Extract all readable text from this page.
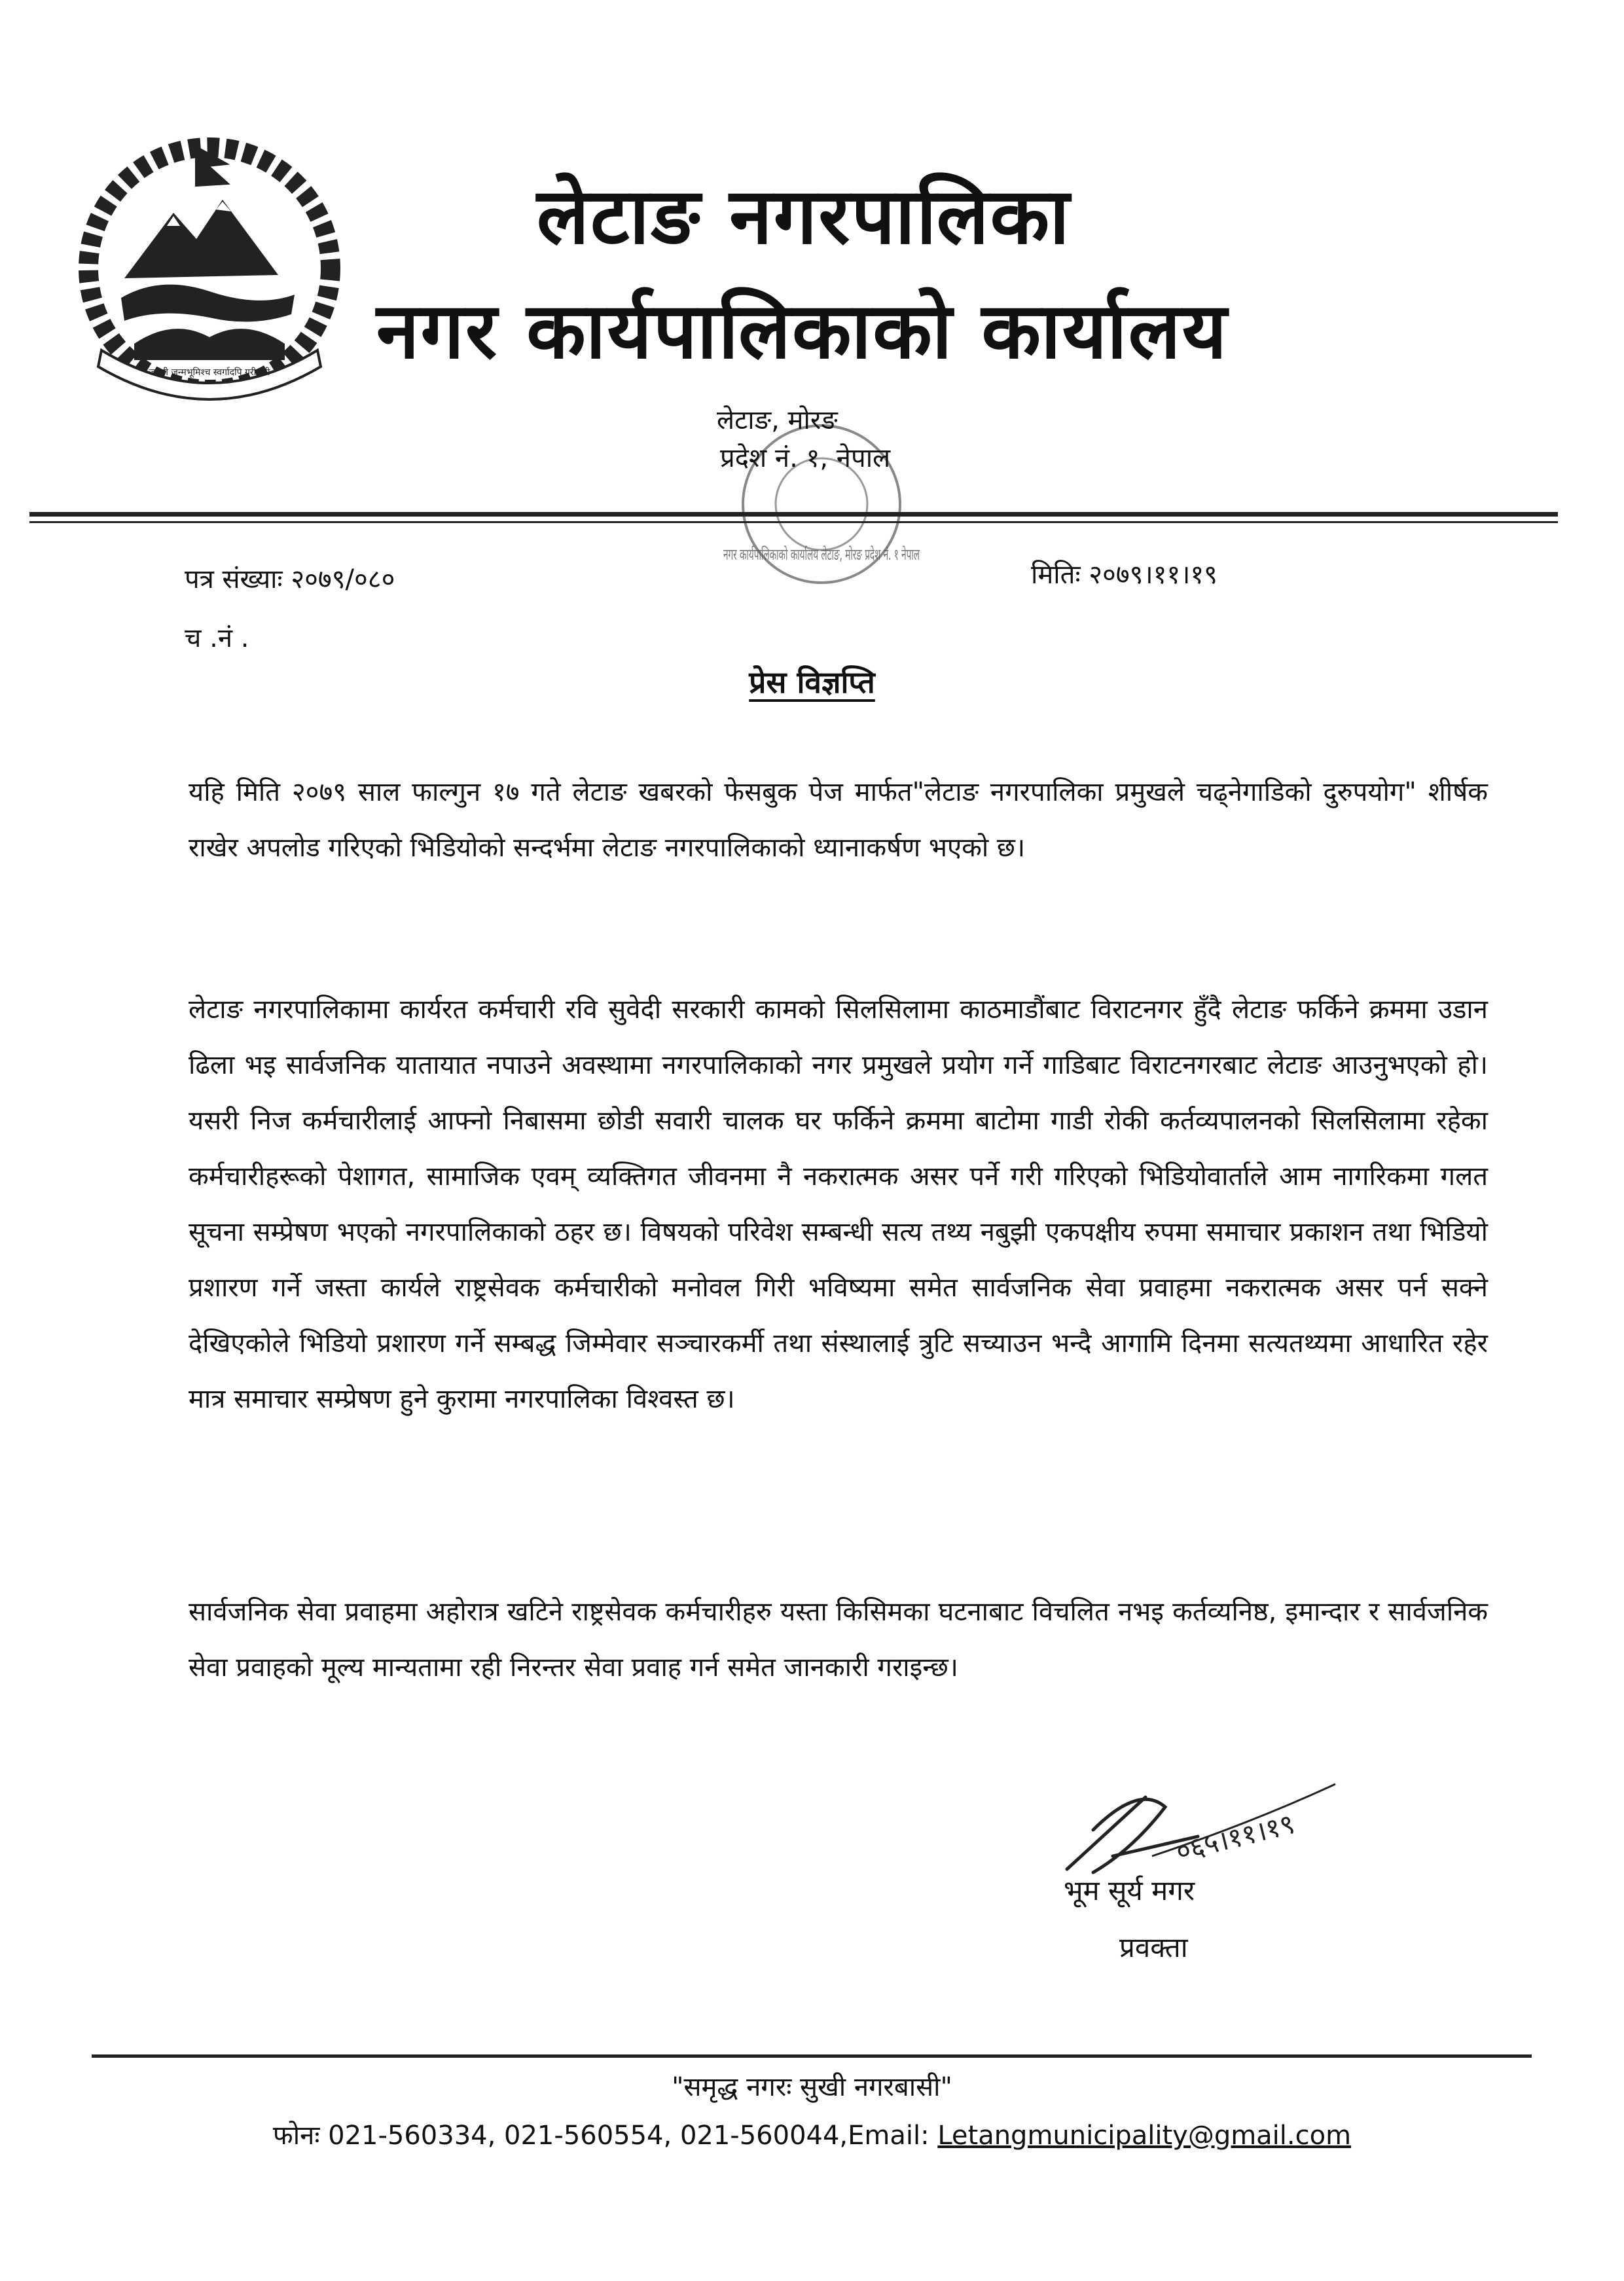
जननी जन्मभूमिश्च स्वर्गादपि गरीयसी
लेटाङ नगरपालिका
नगर कार्यपालिकाको कार्यालय
नगर कार्यपालिकाको कार्यालय लेटाङ, मोरङ प्रदेश नं. १ नेपाल
लेटाङ, मोरङ
प्रदेश नं. १, नेपाल
पत्र संख्याः २०७९/०८०
च .नं .
मितिः २०७९।११।१९
प्रेस विज्ञप्ति

यहि मिति २०७९ साल फाल्गुन १७ गते लेटाङ खबरको फेसबुक पेज मार्फत"लेटाङ नगरपालिका प्रमुखले चढ्नेगाडिको दुरुपयोग" शीर्षक राखेर अपलोड गरिएको भिडियोको सन्दर्भमा लेटाङ नगरपालिकाको ध्यानाकर्षण भएको छ।

लेटाङ नगरपालिकामा कार्यरत कर्मचारी रवि सुवेदी सरकारी कामको सिलसिलामा काठमाडौंबाट विराटनगर हुँदै लेटाङ फर्किने क्रममा उडान ढिला भइ सार्वजनिक यातायात नपाउने अवस्थामा नगरपालिकाको नगर प्रमुखले प्रयोग गर्ने गाडिबाट विराटनगरबाट लेटाङ आउनुभएको हो। यसरी निज कर्मचारीलाई आफ्नो निबासमा छोडी सवारी चालक घर फर्किने क्रममा बाटोमा गाडी रोकी कर्तव्यपालनको सिलसिलामा रहेका कर्मचारीहरूको पेशागत, सामाजिक एवम् व्यक्तिगत जीवनमा नै नकरात्मक असर पर्ने गरी गरिएको भिडियोवार्ताले आम नागरिकमा गलत सूचना सम्प्रेषण भएको नगरपालिकाको ठहर छ। विषयको परिवेश सम्बन्धी सत्य तथ्य नबुझी एकपक्षीय रुपमा समाचार प्रकाशन तथा भिडियो प्रशारण गर्ने जस्ता कार्यले राष्ट्रसेवक कर्मचारीको मनोवल गिरी भविष्यमा समेत सार्वजनिक सेवा प्रवाहमा नकरात्मक असर पर्न सक्ने देखिएकोले भिडियो प्रशारण गर्ने सम्बद्ध जिम्मेवार सञ्चारकर्मी तथा संस्थालाई त्रुटि सच्याउन भन्दै आगामि दिनमा सत्यतथ्यमा आधारित रहेर मात्र समाचार सम्प्रेषण हुने कुरामा नगरपालिका विश्वस्त छ।

सार्वजनिक सेवा प्रवाहमा अहोरात्र खटिने राष्ट्रसेवक कर्मचारीहरु यस्ता किसिमका घटनाबाट विचलित नभइ कर्तव्यनिष्ठ, इमान्दार र सार्वजनिक सेवा प्रवाहको मूल्य मान्यतामा रही निरन्तर सेवा प्रवाह गर्न समेत जानकारी गराइन्छ।

०६५।११।१९
भूम सूर्य मगर
प्रवक्ता
"समृद्ध नगरः सुखी नगरबासी"
फोनः 021-560334, 021-560554, 021-560044,Email: Letangmunicipality@gmail.com
